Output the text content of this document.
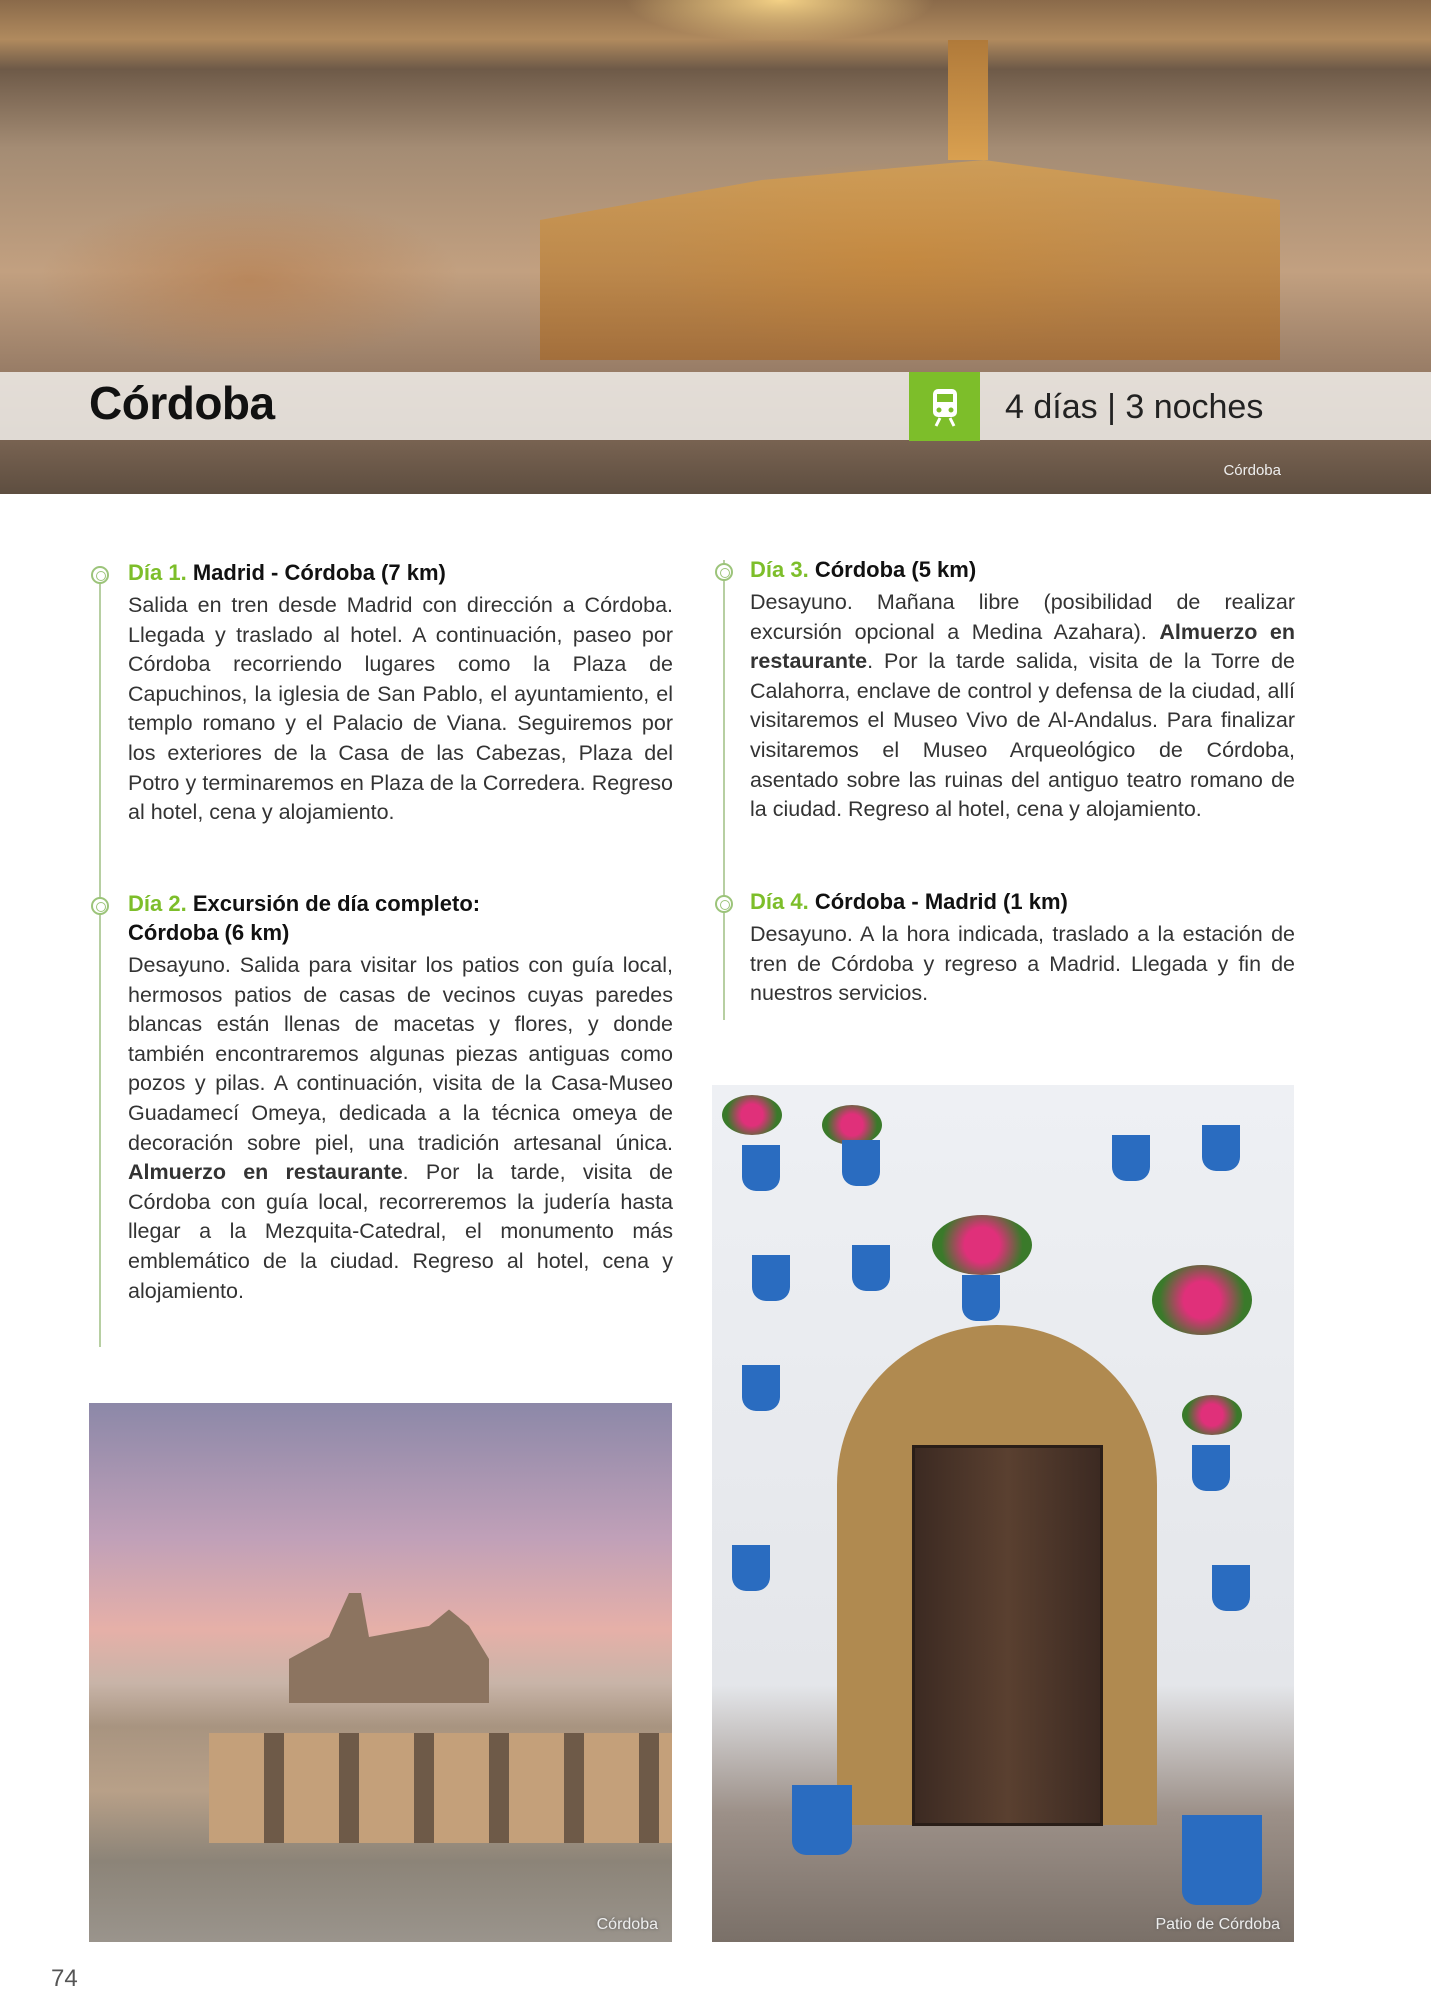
Córdoba	4 días | 3 noches
Córdoba
Día 1. Madrid - Córdoba (7 km)

Salida en tren desde Madrid con dirección a Córdoba. Llegada y traslado al hotel. A continuación, paseo por Córdoba recorriendo lugares como la Plaza de Capuchinos, la iglesia de San Pablo, el ayuntamiento, el templo romano y el Palacio de Viana. Seguiremos por los exteriores de la Casa de las Cabezas, Plaza del Potro y terminaremos en Plaza de la Corredera. Regreso al hotel, cena y alojamiento.

Día 2. Excursión de día completo: Córdoba (6 km)

Desayuno. Salida para visitar los patios con guía local, hermosos patios de casas de vecinos cuyas paredes blancas están llenas de macetas y flores, y donde también encontraremos algunas piezas antiguas como pozos y pilas. A continuación, visita de la Casa-Museo Guadamecí Omeya, dedicada a la técnica omeya de decoración sobre piel, una tradición artesanal única. Almuerzo en restaurante. Por la tarde, visita de Córdoba con guía local, recorreremos la judería hasta llegar a la Mezquita-Catedral, el monumento más emblemático de la ciudad. Regreso al hotel, cena y alojamiento.

Día 3. Córdoba (5 km)

Desayuno. Mañana libre (posibilidad de realizar excursión opcional a Medina Azahara). Almuerzo en restaurante. Por la tarde salida, visita de la Torre de Calahorra, enclave de control y defensa de la ciudad, allí visitaremos el Museo Vivo de Al-Andalus. Para finalizar visitaremos el Museo Arqueológico de Córdoba, asentado sobre las ruinas del antiguo teatro romano de la ciudad. Regreso al hotel, cena y alojamiento.

Día 4. Córdoba - Madrid (1 km)

Desayuno. A la hora indicada, traslado a la estación de tren de Córdoba y regreso a Madrid. Llegada y fin de nuestros servicios.

Córdoba	Patio de Córdoba
74
